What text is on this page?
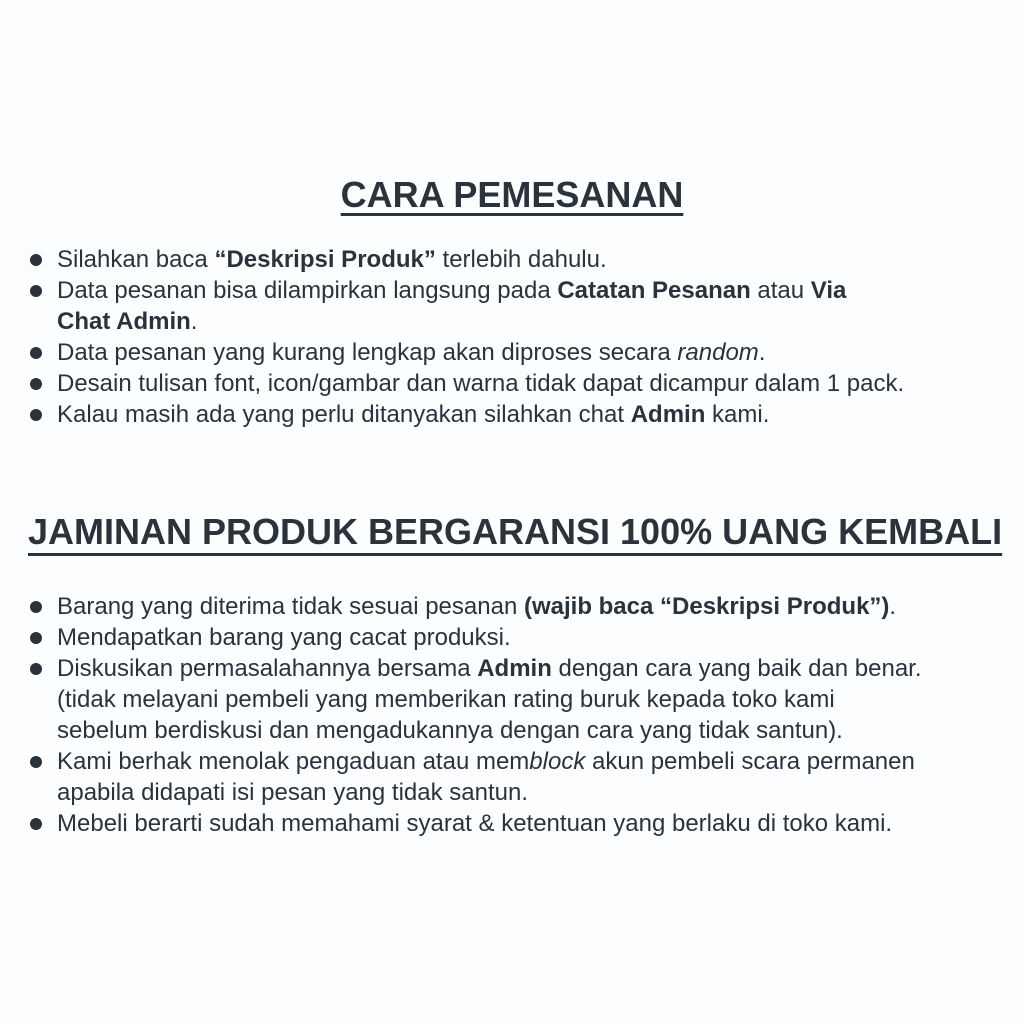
CARA PEMESANAN
Silahkan baca “Deskripsi Produk” terlebih dahulu.
Data pesanan bisa dilampirkan langsung pada Catatan Pesanan atau Via
Chat Admin.
Data pesanan yang kurang lengkap akan diproses secara random.
Desain tulisan font, icon/gambar dan warna tidak dapat dicampur dalam 1 pack.
Kalau masih ada yang perlu ditanyakan silahkan chat Admin kami.
JAMINAN PRODUK BERGARANSI 100% UANG KEMBALI
Barang yang diterima tidak sesuai pesanan (wajib baca “Deskripsi Produk”).
Mendapatkan barang yang cacat produksi.
Diskusikan permasalahannya bersama Admin dengan cara yang baik dan benar.
(tidak melayani pembeli yang memberikan rating buruk kepada toko kami
sebelum berdiskusi dan mengadukannya dengan cara yang tidak santun).
Kami berhak menolak pengaduan atau memblock akun pembeli scara permanen
apabila didapati isi pesan yang tidak santun.
Mebeli berarti sudah memahami syarat & ketentuan yang berlaku di toko kami.
